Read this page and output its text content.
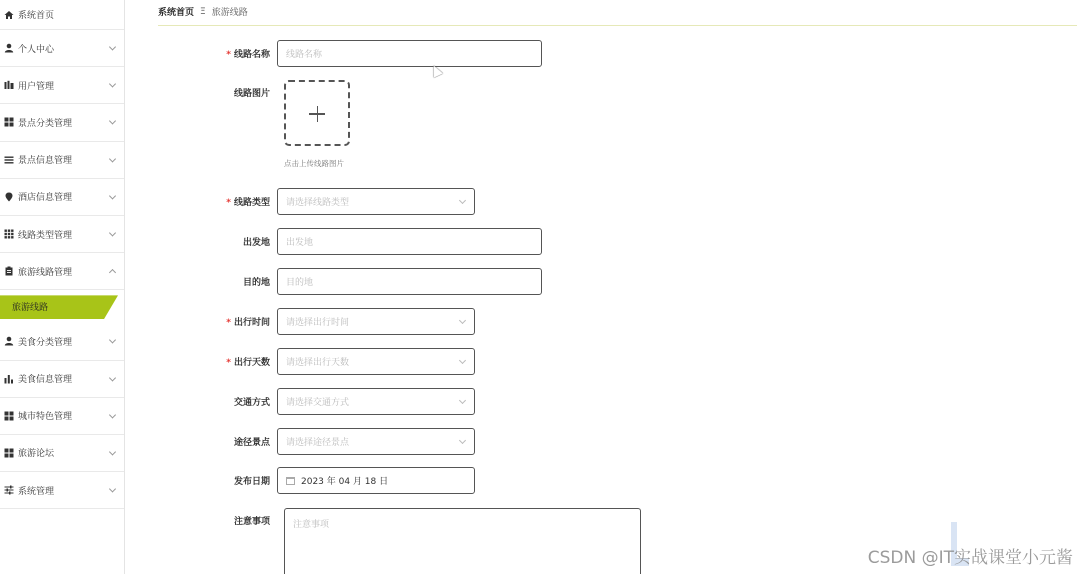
系统首页
个人中心
用户管理
景点分类管理
景点信息管理
酒店信息管理
线路类型管理
旅游线路管理
旅游线路
美食分类管理
美食信息管理
城市特色管理
旅游论坛
系统管理
系统首页 Ξ 旅游线路
* 线路名称	线路名称
线路图片
点击上传线路图片
* 线路类型	请选择线路类型
出发地	出发地
目的地	目的地
* 出行时间	请选择出行时间
* 出行天数	请选择出行天数
交通方式	请选择交通方式
途径景点	请选择途径景点
发布日期	2023 年 04 月 18 日
注意事项	注意事项
CSDN @IT实战课堂小元酱
